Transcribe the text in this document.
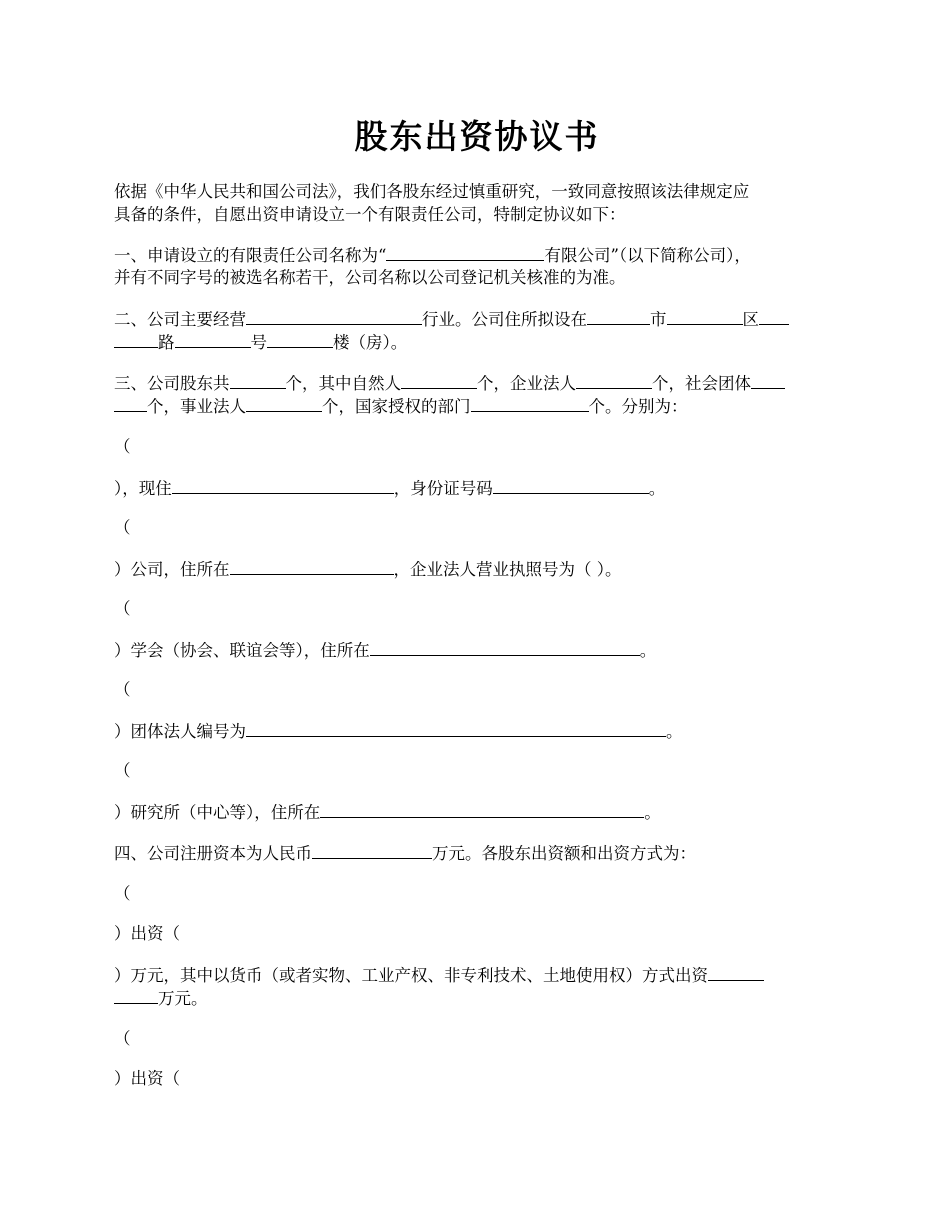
股东出资协议书
依据《中华人民共和国公司法》，我们各股东经过慎重研究，一致同意按照该法律规定应
具备的条件，自愿出资申请设立一个有限责任公司，特制定协议如下：
一、申请设立的有限责任公司名称为“	有限公司”（以下简称公司），
并有不同字号的被选名称若干，公司名称以公司登记机关核准的为准。
二、公司主要经营	行业。公司住所拟设在	市	区
路	号	楼（房）。
三、公司股东共	个，其中自然人	个，企业法人	个，社会团体
个，事业法人	个，国家授权的部门	个。分别为：
（
），现住	，身份证号码	。
（
）公司，住所在	，企业法人营业执照号为（ ）。
（
）学会（协会、联谊会等），住所在	。
（
）团体法人编号为	。
（
）研究所（中心等），住所在	。
四、公司注册资本为人民币	万元。各股东出资额和出资方式为：
（
）出资（
）万元，其中以货币（或者实物、工业产权、非专利技术、土地使用权）方式出资
万元。
（
）出资（
